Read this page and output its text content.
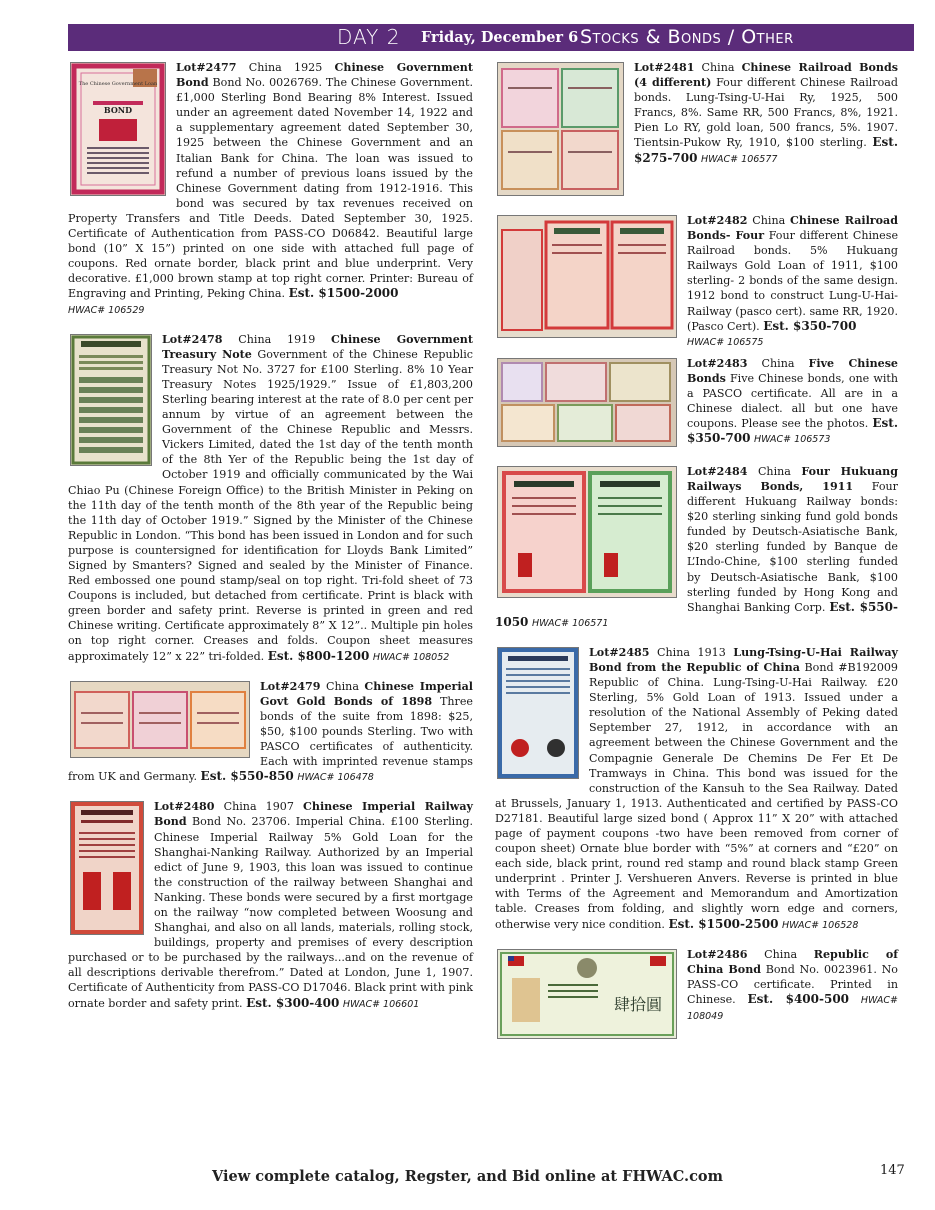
DAY 2 Friday, December 6 Stocks & Bonds / Other
The Chinese Government Loan
BOND
Lot#2477 China 1925 Chinese Government Bond Bond No. 0026769. The Chinese Government. £1,000 Sterling Bond Bearing 8% Interest. Issued under an agreement dated November 14, 1922 and a supplementary agreement dated September 30, 1925 between the Chinese Government and an Italian Bank for China. The loan was issued to refund a number of previous loans issued by the Chinese Government dating from 1912-1916. This bond was secured by tax revenues received on Property Transfers and Title Deeds. Dated September 30, 1925. Certificate of Authentication from PASS-CO D06842. Beautiful large bond (10” X 15”) printed on one side with attached full page of coupons. Red ornate border, black print and blue underprint. Very decorative. £1,000 brown stamp at top right corner. Printer: Bureau of Engraving and Printing, Peking China. Est. $1500-2000
HWAC# 106529
Lot#2478 China 1919 Chinese Government Treasury Note Government of the Chinese Republic Treasury Not No. 3727 for £100 Sterling. 8% 10 Year Treasury Notes 1925/1929.” Issue of £1,803,200 Sterling bearing interest at the rate of 8.0 per cent per annum by virtue of an agreement between the Government of the Chinese Republic and Messrs. Vickers Limited, dated the 1st day of the tenth month of the 8th Yer of the Republic being the 1st day of October 1919 and officially communicated by the Wai Chiao Pu (Chinese Foreign Office) to the British Minister in Peking on the 11th day of the tenth month of the 8th year of the Republic being the 11th day of October 1919.” Signed by the Minister of the Chinese Republic in London. “This bond has been issued in London and for such purpose is countersigned for identification for Lloyds Bank Limited” Signed by Smanters? Signed and sealed by the Minister of Finance. Red embossed one pound stamp/seal on top right. Tri-fold sheet of 73 Coupons is included, but detached from certificate. Print is black with green border and safety print. Reverse is printed in green and red Chinese writing. Certificate approximately 8” X 12”.. Multiple pin holes on top right corner. Creases and folds. Coupon sheet measures approximately 12” x 22” tri-folded. Est. $800-1200 HWAC# 108052
Lot#2479 China Chinese Imperial Govt Gold Bonds of 1898 Three bonds of the suite from 1898: $25, $50, $100 pounds Sterling. Two with PASCO certificates of authenticity. Each with imprinted revenue stamps from UK and Germany. Est. $550-850 HWAC# 106478
Lot#2480 China 1907 Chinese Imperial Railway Bond Bond No. 23706. Imperial China. £100 Sterling. Chinese Imperial Railway 5% Gold Loan for the Shanghai-Nanking Railway. Authorized by an Imperial edict of June 9, 1903, this loan was issued to continue the construction of the railway between Shanghai and Nanking. These bonds were secured by a first mortgage on the railway “now completed between Woosung and Shanghai, and also on all lands, materials, rolling stock, buildings, property and premises of every description purchased or to be purchased by the railways...and on the revenue of all descriptions derivable therefrom.” Dated at London, June 1, 1907. Certificate of Authenticity from PASS-CO D17046. Black print with pink ornate border and safety print. Est. $300-400 HWAC# 106601
Lot#2481 China Chinese Railroad Bonds (4 different) Four different Chinese Railroad bonds. Lung-Tsing-U-Hai Ry, 1925, 500 Francs, 8%. Same RR, 500 Francs, 8%, 1921. Pien Lo RY, gold loan, 500 francs, 5%. 1907. Tientsin-Pukow Ry, 1910, $100 sterling. Est. $275-700 HWAC# 106577
Lot#2482 China Chinese Railroad Bonds- Four Four different Chinese Railroad bonds. 5% Hukuang Railways Gold Loan of 1911, $100 sterling- 2 bonds of the same design. 1912 bond to construct Lung-U-Hai-Railway (pasco cert). same RR, 1920. (Pasco Cert). Est. $350-700
HWAC# 106575
Lot#2483 China Five Chinese Bonds Five Chinese bonds, one with a PASCO certificate. All are in a Chinese dialect. all but one have coupons. Please see the photos. Est. $350-700 HWAC# 106573
Lot#2484 China Four Hukuang Railways Bonds, 1911 Four different Hukuang Railway bonds: $20 sterling sinking fund gold bonds funded by Deutsch-Asiatische Bank, $20 sterling funded by Banque de L’Indo-Chine, $100 sterling funded by Deutsch-Asiatische Bank, $100 sterling funded by Hong Kong and Shanghai Banking Corp. Est. $550-1050 HWAC# 106571
Lot#2485 China 1913 Lung-Tsing-U-Hai Railway Bond from the Republic of China Bond #B192009 Republic of China. Lung-Tsing-U-Hai Railway. £20 Sterling, 5% Gold Loan of 1913. Issued under a resolution of the National Assembly of Peking dated September 27, 1912, in accordance with an agreement between the Chinese Government and the Compagnie Generale De Chemins De Fer Et De Tramways in China. This bond was issued for the construction of the Kansuh to the Sea Railway. Dated at Brussels, January 1, 1913. Authenticated and certified by PASS-CO D27181. Beautiful large sized bond ( Approx 11” X 20” with attached page of payment coupons -two have been removed from corner of coupon sheet) Ornate blue border with “5%” at corners and “£20” on each side, black print, round red stamp and round black stamp Green underprint . Printer J. Vershueren Anvers. Reverse is printed in blue with Terms of the Agreement and Memorandum and Amortization table. Creases from folding, and slightly worn edge and corners, otherwise very nice condition. Est. $1500-2500 HWAC# 106528
肆拾圓
Lot#2486 China Republic of China Bond Bond No. 0023961. No PASS-CO certificate. Printed in Chinese. Est. $400-500 HWAC# 108049
View complete catalog, Regster, and Bid online at FHWAC.com	147
